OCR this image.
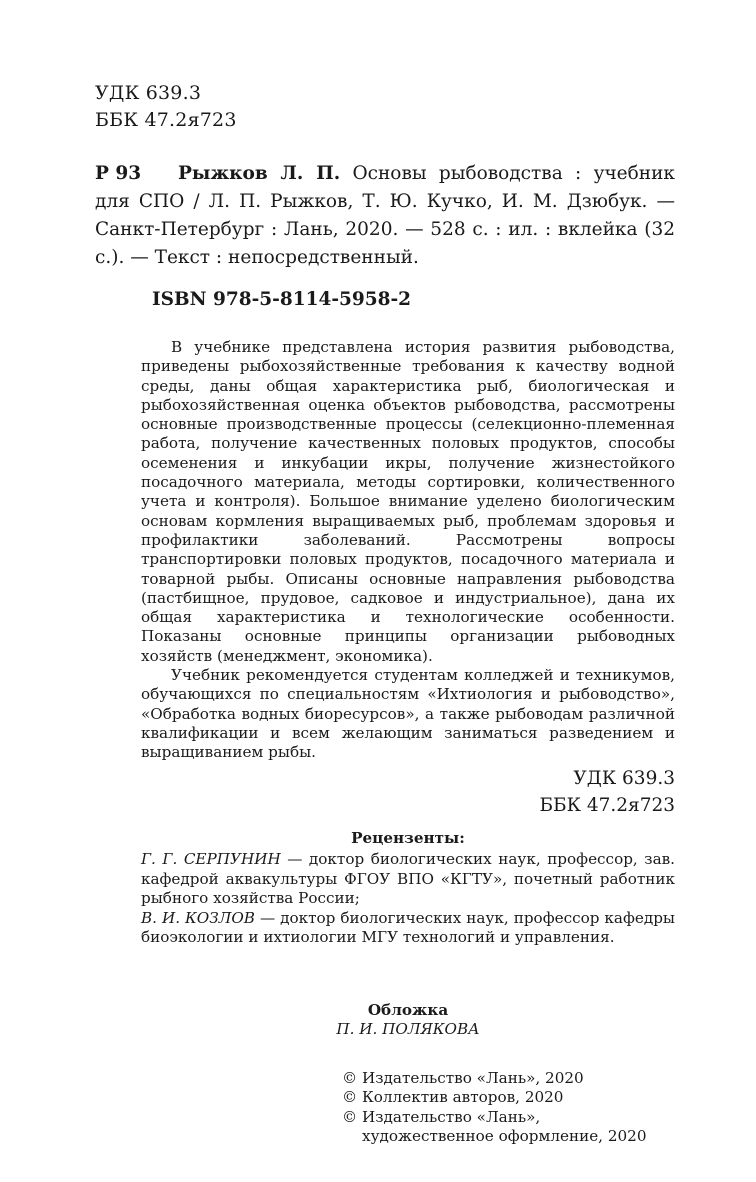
УДК 639.3
ББК 47.2я723
Р 93	Рыжков Л. П. Основы рыбоводства : учебник для СПО / Л. П. Рыжков, Т. Ю. Кучко, И. М. Дзюбук. — Санкт-Петербург : Лань, 2020. — 528 с. : ил. : вклейка (32 с.). — Текст : непосредственный.
ISBN 978-5-8114-5958-2

В учебнике представлена история развития рыбоводства, приведены рыбохозяйственные требования к качеству водной среды, даны общая характеристика рыб, биологическая и рыбохозяйственная оценка объектов рыбоводства, рассмотрены основные производственные процессы (селекционно-племенная работа, получение качественных половых продуктов, способы осеменения и инкубации икры, получение жизнестойкого посадочного материала, методы сортировки, количественного учета и контроля). Большое внимание уделено биологическим основам кормления выращиваемых рыб, проблемам здоровья и профилактики заболеваний. Рассмотрены вопросы транспортировки половых продуктов, посадочного материала и товарной рыбы. Описаны основные направления рыбоводства (пастбищное, прудовое, садковое и индустриальное), дана их общая характеристика и технологические особенности. Показаны основные принципы организации рыбоводных хозяйств (менеджмент, экономика).

Учебник рекомендуется студентам колледжей и техникумов, обучающихся по специальностям «Ихтиология и рыбоводство», «Обработка водных биоресурсов», а также рыбоводам различной квалификации и всем желающим заниматься разведением и выращиванием рыбы.

УДК 639.3
ББК 47.2я723
Рецензенты:

Г. Г. СЕРПУНИН — доктор биологических наук, профессор, зав. кафедрой аквакультуры ФГОУ ВПО «КГТУ», почетный работник рыбного хозяйства России;

В. И. КОЗЛОВ — доктор биологических наук, профессор кафедры биоэкологии и ихтиологии МГУ технологий и управления.

Обложка
П. И. ПОЛЯКОВА
© Издательство «Лань», 2020
© Коллектив авторов, 2020
© Издательство «Лань»,
художественное оформление, 2020
